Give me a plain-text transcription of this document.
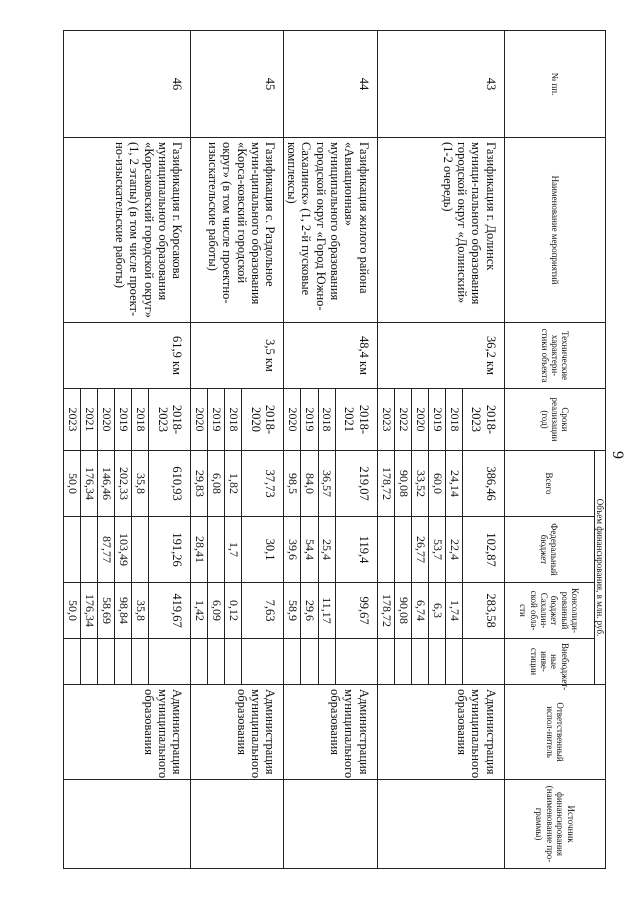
9
№ пп.	Наименование мероприятий	Технические характери-стики объекта	Сроки реализации (год)	Объем финансирования, в млн. руб.				Ответственный испол-нитель	Источник финансирования (наименование про-граммы)
				Всего	Федеральный бюджет	Консолиди-рованный бюджет Сахалин-ской обла-сти	Внебюджет-ные инве-стиции		
43	Газификация г. Долинск муници-пального образования городской округ «Долинский» (1-2 очередь)	36,2 км	2018-2023	386,46	102,87	283,58		Администрация муниципального образования	
			2018	24,14	22,4	1,74			
			2019	60,0	53,7	6,3			
			2020	33,52	26,77	6,74			
			2022	90,08		90,08			
			2023	178,72		178,72			
44	Газификация жилого района «Авиационная» муниципального образования городской округ «Город Южно-Сахалинск» (1, 2-й пусковые комплексы)	48,4 км	2018-2021	219,07	119,4	99,67		Администрация муниципального образования	
			2018	36,57	25,4	11,17			
			2019	84,0	54,4	29,6			
			2020	98,5	39,6	58,9			
45	Газификация с. Раздольное муни-ципального образования «Корса-ковский городской округ» (в том числе проектно-изыскательские работы)	3,5 км	2018-2020	37,73	30,1	7,63		Администрация муниципального образования	
			2018	1,82	1,7	0,12			
			2019	6,08		6,09			
			2020	29,83	28,41	1,42			
46	Газификация г. Корсакова муниципального образования «Корсаковский городской округ» (1, 2 этапы) (в том числе проект-но-изыскательские работы)	61,9 км	2018-2023	610,93	191,26	419,67		Администрация муниципального образования	
			2018	35,8		35,8			
			2019	202,33	103,49	98,84			
			2020	146,46	87,77	58,69			
			2021	176,34		176,34			
			2023	50,0		50,0			
